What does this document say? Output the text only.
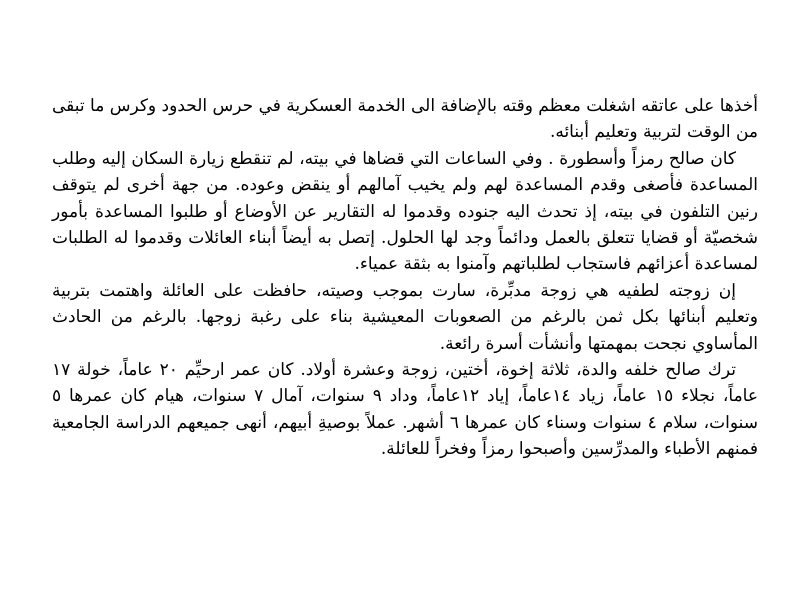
أخذها على عاتقه اشغلت معظم وقته بالإضافة الى الخدمة العسكرية في حرس الحدود وكرس ما تبقى من الوقت لتربية وتعليم أبنائه.

كان صالح رمزاً وأسطورة . وفي الساعات التي قضاها في بيته، لم تنقطع زيارة السكان إليه وطلب المساعدة فأصغى وقدم المساعدة لهم ولم يخيب آمالهم أو ينقض وعوده. من جهة أخرى لم يتوقف رنين التلفون في بيته، إذ تحدث اليه جنوده وقدموا له التقارير عن الأوضاع أو طلبوا المساعدة بأمور شخصيّة أو قضايا تتعلق بالعمل ودائماً وجد لها الحلول. إتصل به أيضاً أبناء العائلات وقدموا له الطلبات لمساعدة أعزائهم فاستجاب لطلباتهم وآمنوا به بثقة عمياء.

إن زوجته لطفيه هي زوجة مدبِّرة، سارت بموجب وصيته، حافظت على العائلة واهتمت بتربية وتعليم أبنائها بكل ثمن بالرغم من الصعوبات المعيشية بناء على رغبة زوجها. بالرغم من الحادث المأساوي نجحت بمهمتها وأنشأت أسرة رائعة.

ترك صالح خلفه والدة، ثلاثة إخوة، أختين، زوجة وعشرة أولاد. كان عمر ارحيِّم ٢٠ عاماً، خولة ١٧ عاماً، نجلاء ١٥ عاماً، زياد ١٤عاماً، إياد ١٢عاماً، وداد ٩ سنوات، آمال ٧ سنوات، هيام كان عمرها ٥ سنوات، سلام ٤ سنوات وسناء كان عمرها ٦ أشهر. عملاً بوصيةِ أبيهم، أنهى جميعهم الدراسة الجامعية فمنهم الأطباء والمدرِّسين وأصبحوا رمزاً وفخراً للعائلة.
